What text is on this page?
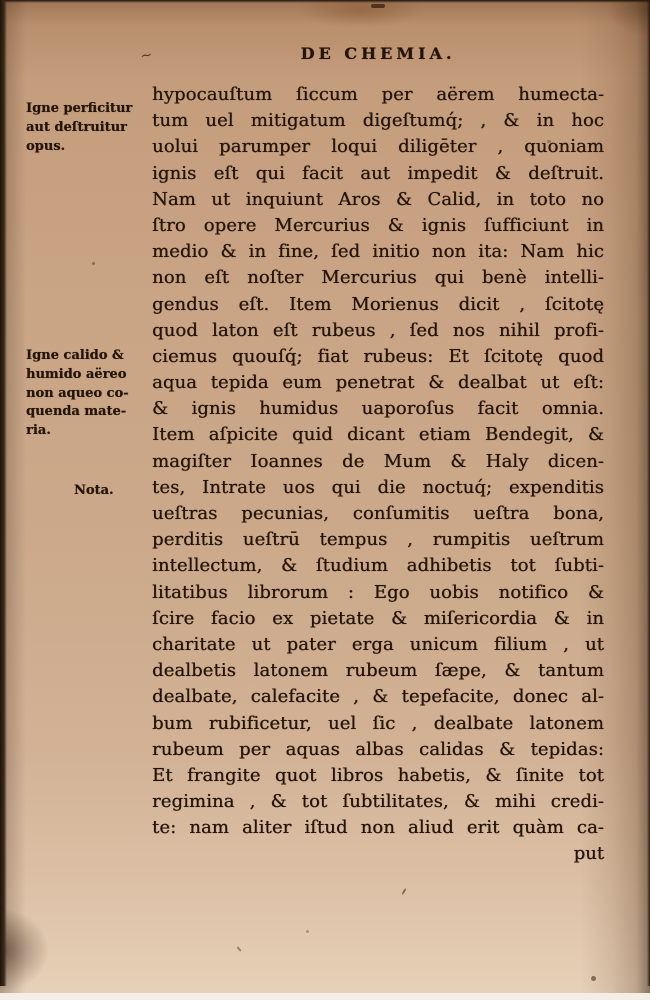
∼	DE CHEMIA.
Igne perficitur
aut deſtruitur
opus.
Igne calido &
humido aëreo
non aqueo co-
quenda mate-
ria.
Nota.
hypocauſtum ſiccum per aërem humecta-
tum uel mitigatum digeſtumq́; , & in hoc
uolui parumper loqui diligēter , quoniam
ignis eſt qui facit aut impedit & deſtruit.
Nam ut inquiunt Aros & Calid, in toto no
ſtro opere Mercurius & ignis ſufficiunt in
medio & in fine, ſed initio non ita: Nam hic
non eſt noſter Mercurius qui benè intelli-
gendus eſt. Item Morienus dicit , ſcitotę
quod laton eſt rubeus , ſed nos nihil profi-
ciemus quouſq́; fiat rubeus: Et ſcitotę quod
aqua tepida eum penetrat & dealbat ut eſt:
& ignis humidus uaporoſus facit omnia.
Item aſpicite quid dicant etiam Bendegit, &
magiſter Ioannes de Mum & Haly dicen-
tes, Intrate uos qui die noctuq́; expenditis
ueſtras pecunias, conſumitis ueſtra bona,
perditis ueſtrū tempus , rumpitis ueſtrum
intellectum, & ſtudium adhibetis tot ſubti-
litatibus librorum : Ego uobis notifico &
ſcire facio ex pietate & miſericordia & in
charitate ut pater erga unicum filium , ut
dealbetis latonem rubeum ſæpe, & tantum
dealbate, calefacite , & tepefacite, donec al-
bum rubificetur, uel ſic , dealbate latonem
rubeum per aquas albas calidas & tepidas:
Et frangite quot libros habetis, & ſinite tot
regimina , & tot ſubtilitates, & mihi credi-
te: nam aliter iſtud non aliud erit quàm ca-
put
